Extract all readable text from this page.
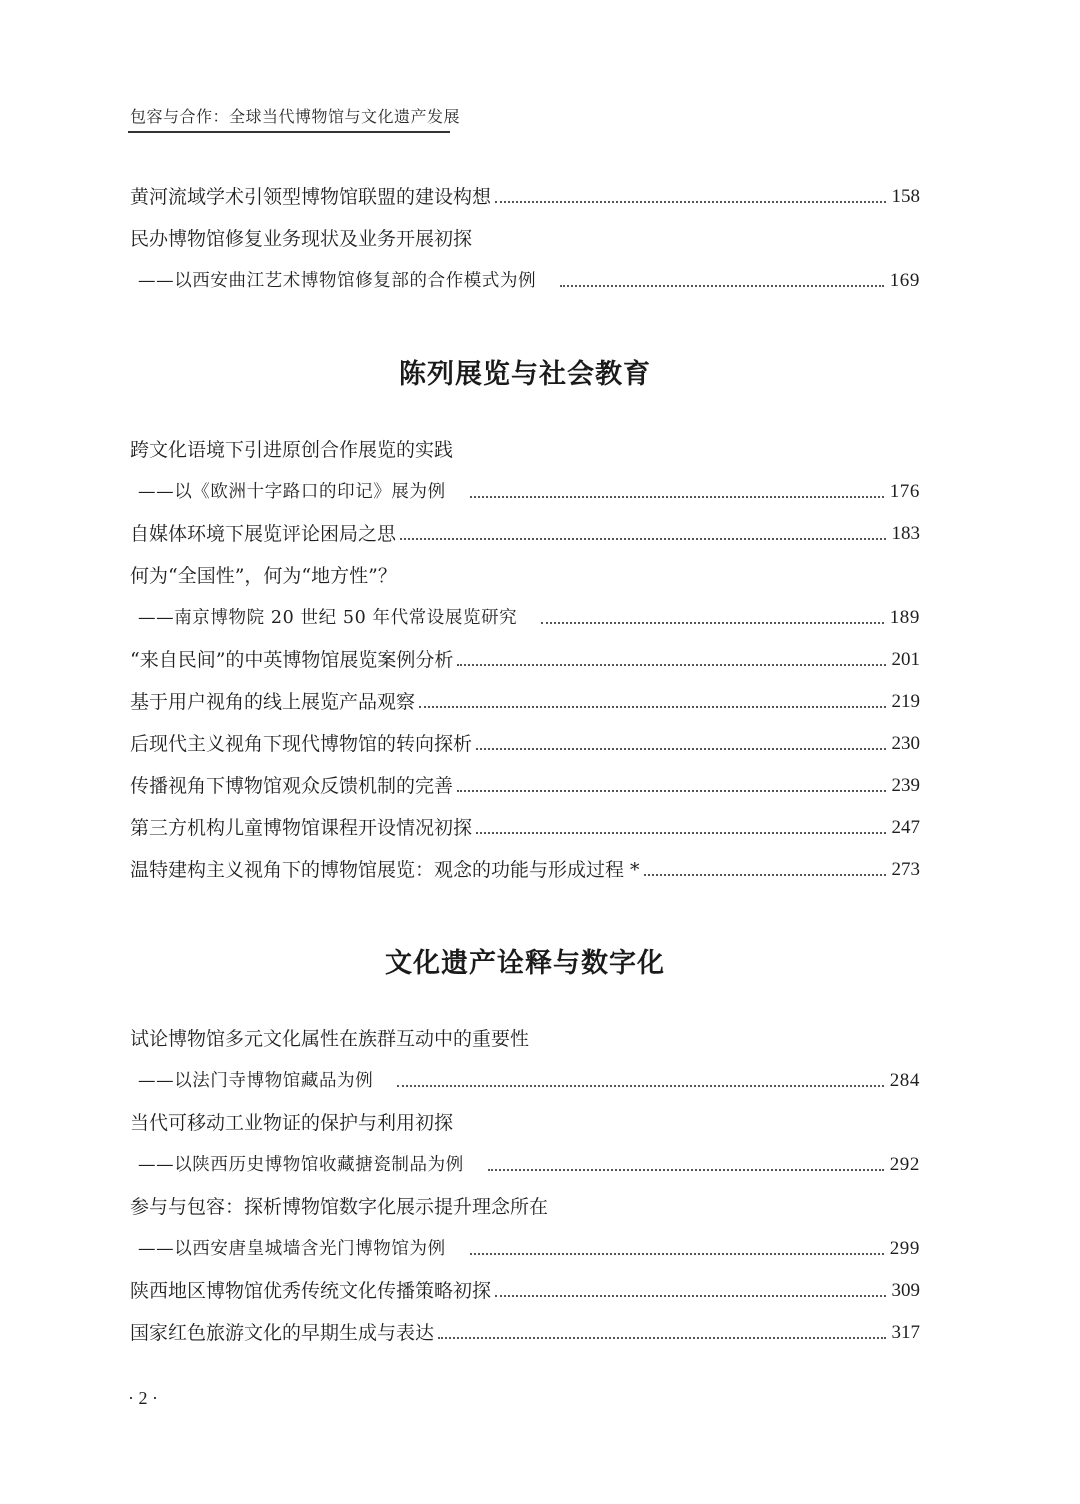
包容与合作：全球当代博物馆与文化遗产发展
黄河流域学术引领型博物馆联盟的建设构想	158
民办博物馆修复业务现状及业务开展初探
——以西安曲江艺术博物馆修复部的合作模式为例	169
陈列展览与社会教育
跨文化语境下引进原创合作展览的实践
——以《欧洲十字路口的印记》展为例	176
自媒体环境下展览评论困局之思	183
何为“全国性”，何为“地方性”？
——南京博物院 20 世纪 50 年代常设展览研究	189
“来自民间”的中英博物馆展览案例分析	201
基于用户视角的线上展览产品观察	219
后现代主义视角下现代博物馆的转向探析	230
传播视角下博物馆观众反馈机制的完善	239
第三方机构儿童博物馆课程开设情况初探	247
温特建构主义视角下的博物馆展览：观念的功能与形成过程 *	273
文化遗产诠释与数字化
试论博物馆多元文化属性在族群互动中的重要性
——以法门寺博物馆藏品为例	284
当代可移动工业物证的保护与利用初探
——以陕西历史博物馆收藏搪瓷制品为例	292
参与与包容：探析博物馆数字化展示提升理念所在
——以西安唐皇城墙含光门博物馆为例	299
陕西地区博物馆优秀传统文化传播策略初探	309
国家红色旅游文化的早期生成与表达	317
· 2 ·
